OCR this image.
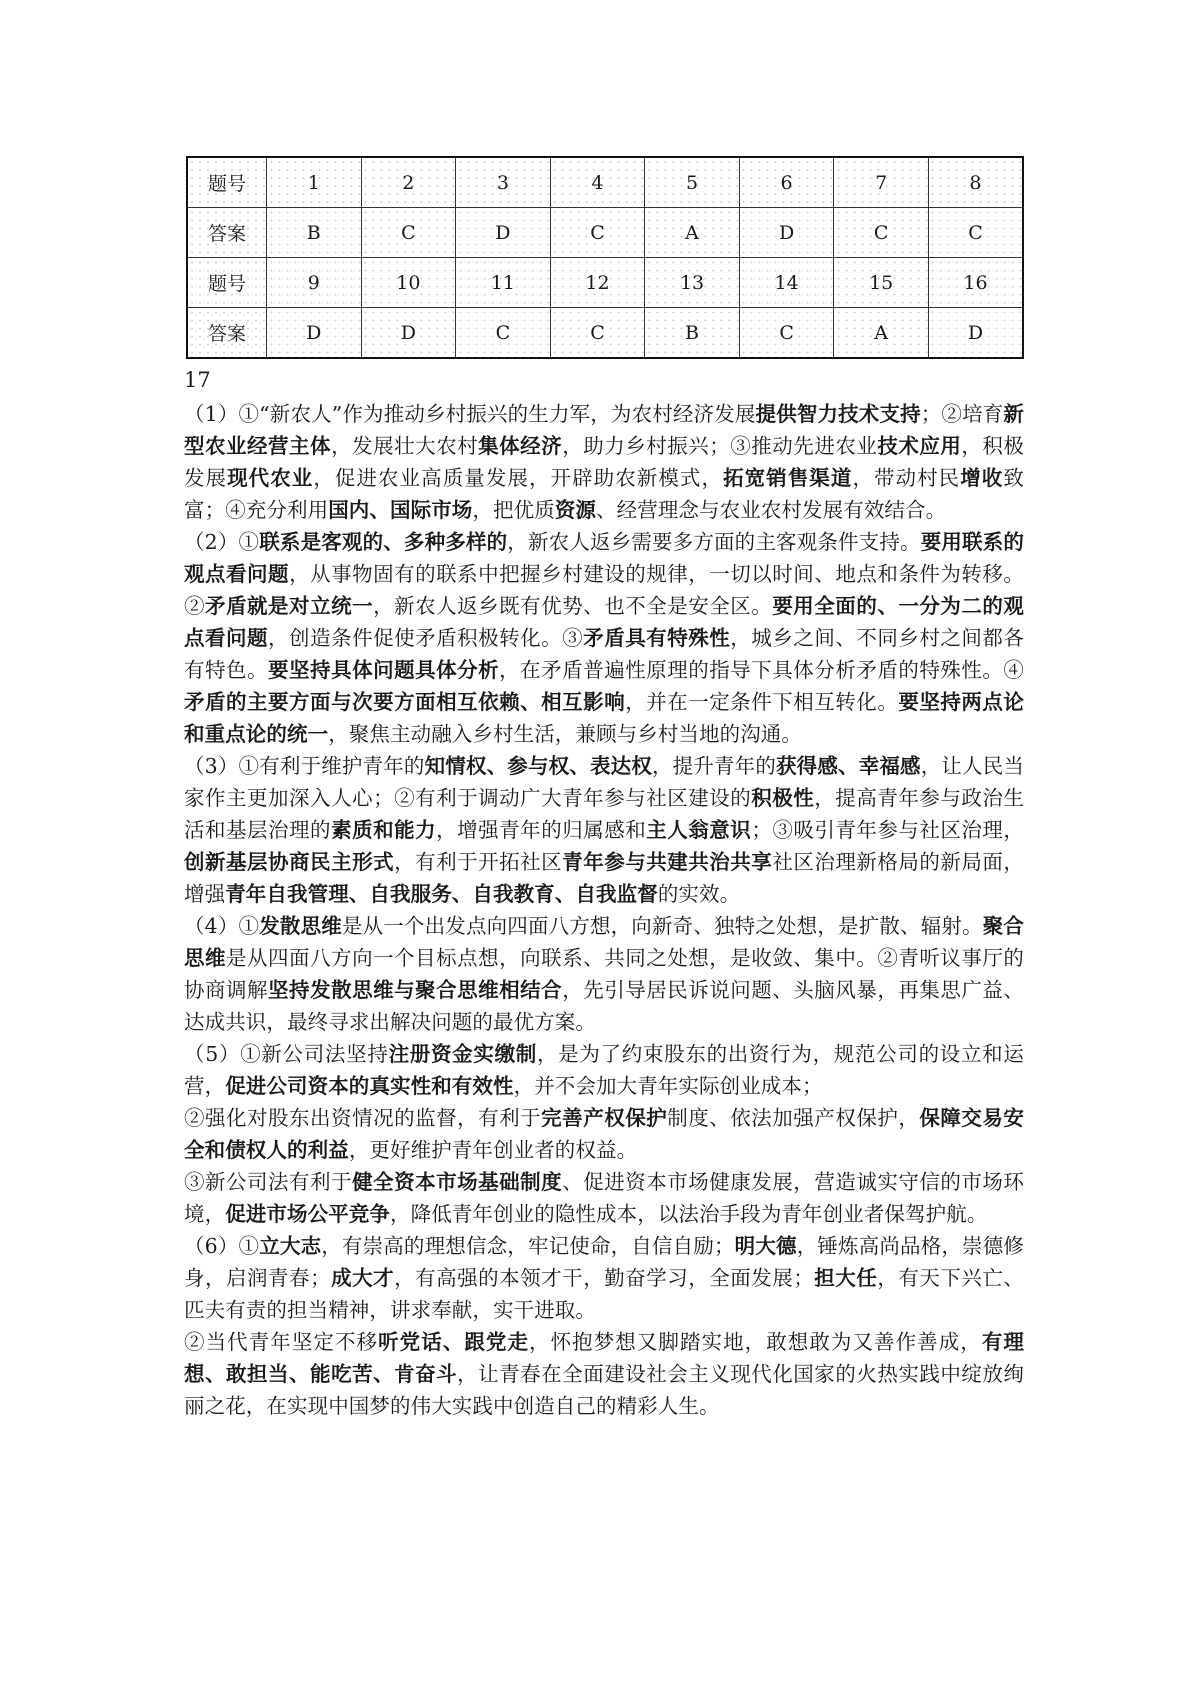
题号	1	2	3	4	5	6	7	8
答案	B	C	D	C	A	D	C	C
题号	9	10	11	12	13	14	15	16
答案	D	D	C	C	B	C	A	D
17

（1）①“新农人”作为推动乡村振兴的生力军，为农村经济发展提供智力技术支持；②培育新型农业经营主体，发展壮大农村集体经济，助力乡村振兴；③推动先进农业技术应用，积极发展现代农业，促进农业高质量发展，开辟助农新模式，拓宽销售渠道，带动村民增收致富；④充分利用国内、国际市场，把优质资源、经营理念与农业农村发展有效结合。

（2）①联系是客观的、多种多样的，新农人返乡需要多方面的主客观条件支持。要用联系的观点看问题，从事物固有的联系中把握乡村建设的规律，一切以时间、地点和条件为转移。②矛盾就是对立统一，新农人返乡既有优势、也不全是安全区。要用全面的、一分为二的观点看问题，创造条件促使矛盾积极转化。③矛盾具有特殊性，城乡之间、不同乡村之间都各有特色。要坚持具体问题具体分析，在矛盾普遍性原理的指导下具体分析矛盾的特殊性。④矛盾的主要方面与次要方面相互依赖、相互影响，并在一定条件下相互转化。要坚持两点论和重点论的统一，聚焦主动融入乡村生活，兼顾与乡村当地的沟通。

（3）①有利于维护青年的知情权、参与权、表达权，提升青年的获得感、幸福感，让人民当家作主更加深入人心；②有利于调动广大青年参与社区建设的积极性，提高青年参与政治生活和基层治理的素质和能力，增强青年的归属感和主人翁意识；③吸引青年参与社区治理，创新基层协商民主形式，有利于开拓社区青年参与共建共治共享社区治理新格局的新局面，增强青年自我管理、自我服务、自我教育、自我监督的实效。

（4）①发散思维是从一个出发点向四面八方想，向新奇、独特之处想，是扩散、辐射。聚合思维是从四面八方向一个目标点想，向联系、共同之处想，是收敛、集中。②青听议事厅的协商调解坚持发散思维与聚合思维相结合，先引导居民诉说问题、头脑风暴，再集思广益、达成共识，最终寻求出解决问题的最优方案。

（5）①新公司法坚持注册资金实缴制，是为了约束股东的出资行为，规范公司的设立和运营，促进公司资本的真实性和有效性，并不会加大青年实际创业成本；

②强化对股东出资情况的监督，有利于完善产权保护制度、依法加强产权保护，保障交易安全和债权人的利益，更好维护青年创业者的权益。

③新公司法有利于健全资本市场基础制度、促进资本市场健康发展，营造诚实守信的市场环境，促进市场公平竞争，降低青年创业的隐性成本，以法治手段为青年创业者保驾护航。

（6）①立大志，有崇高的理想信念，牢记使命，自信自励；明大德，锤炼高尚品格，崇德修身，启润青春；成大才，有高强的本领才干，勤奋学习，全面发展；担大任，有天下兴亡、匹夫有责的担当精神，讲求奉献，实干进取。

②当代青年坚定不移听党话、跟党走，怀抱梦想又脚踏实地，敢想敢为又善作善成，有理想、敢担当、能吃苦、肯奋斗，让青春在全面建设社会主义现代化国家的火热实践中绽放绚丽之花，在实现中国梦的伟大实践中创造自己的精彩人生。
